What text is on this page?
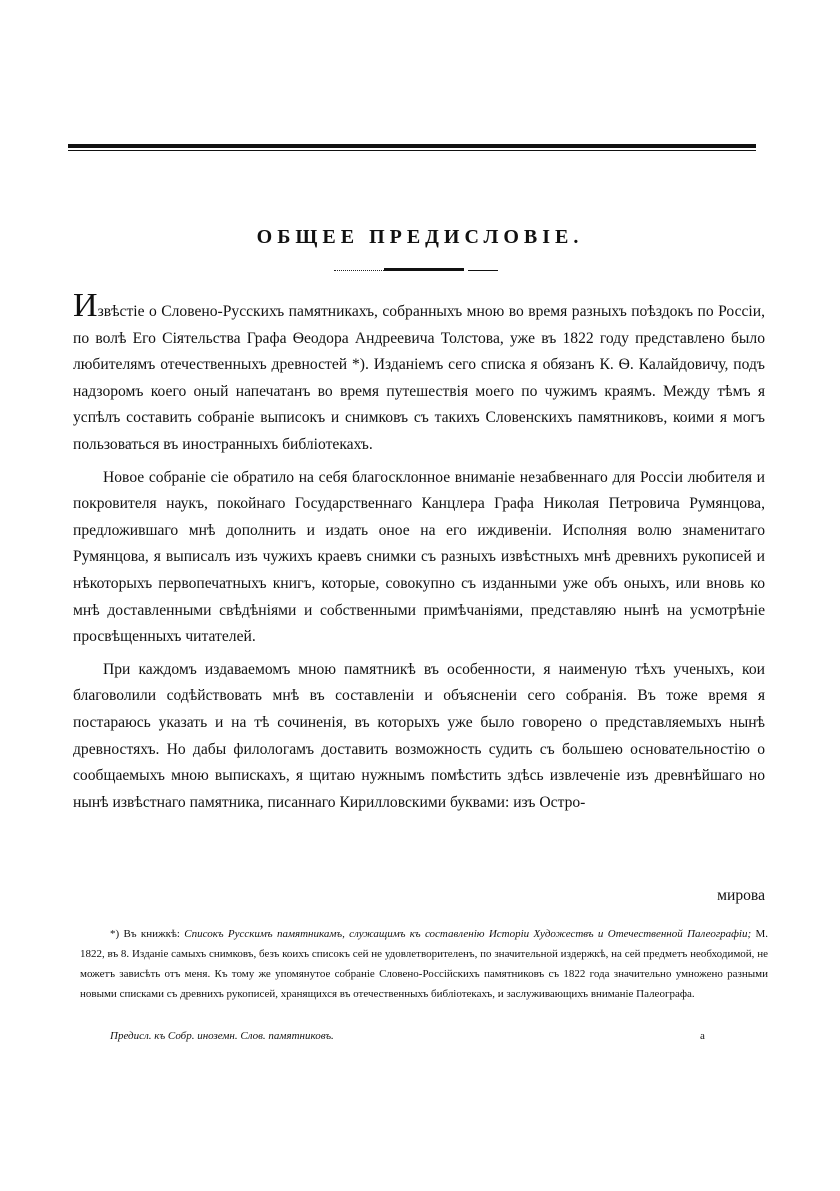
ОБЩЕЕ ПРЕДИСЛОВІЕ.

Извѣстіе о Словено-Русскихъ памятникахъ, собранныхъ мною во время разныхъ поѣздокъ по Россіи, по волѣ Его Сіятельства Графа Ѳеодора Андреевича Толстова, уже въ 1822 году представлено было любителямъ отечественныхъ древностей *). Изданіемъ сего списка я обязанъ К. Ѳ. Калайдовичу, подъ надзоромъ коего оный напечатанъ во время путешествія моего по чужимъ краямъ. Между тѣмъ я успѣлъ составить собраніе выписокъ и снимковъ съ такихъ Словенскихъ памятниковъ, коими я могъ пользоваться въ иностранныхъ библіотекахъ.

Новое собраніе сіе обратило на себя благосклонное вниманіе незабвеннаго для Россіи любителя и покровителя наукъ, покойнаго Государственнаго Канцлера Графа Николая Петровича Румянцова, предложившаго мнѣ дополнить и издать оное на его иждивеніи. Исполняя волю знаменитаго Румянцова, я выписалъ изъ чужихъ краевъ снимки съ разныхъ извѣстныхъ мнѣ древнихъ рукописей и нѣкоторыхъ первопечатныхъ книгъ, которые, совокупно съ изданными уже объ оныхъ, или вновь ко мнѣ доставленными свѣдѣніями и собственными примѣчаніями, представляю нынѣ на усмотрѣніе просвѣщенныхъ читателей.

При каждомъ издаваемомъ мною памятникѣ въ особенности, я наименую тѣхъ ученыхъ, кои благоволили содѣйствовать мнѣ въ составленіи и объясненіи сего собранія. Въ тоже время я постараюсь указать и на тѣ сочиненія, въ которыхъ уже было говорено о представляемыхъ нынѣ древностяхъ. Но дабы филологамъ доставить возможность судить съ большею основательностію о сообщаемыхъ мною выпискахъ, я щитаю нужнымъ помѣстить здѣсь извлеченіе изъ древнѣйшаго но нынѣ извѣстнаго памятника, писаннаго Кирилловскими буквами: изъ Остро-

мирова
*) Въ книжкѣ: Списокъ Русскимъ памятникамъ, служащимъ къ составленію Исторіи Художествъ и Отечественной Палеографіи; М. 1822, въ 8. Изданіе самыхъ снимковъ, безъ коихъ списокъ сей не удовлетворителенъ, по значительной издержкѣ, на сей предметъ необходимой, не можетъ зависѣть отъ меня. Къ тому же упомянутое собраніе Словено-Россійскихъ памятниковъ съ 1822 года значительно умножено разными новыми списками съ древнихъ рукописей, хранящихся въ отечественныхъ библіотекахъ, и заслуживающихъ вниманіе Палеографа.
Предисл. къ Собр. иноземн. Слов. памятниковъ.	а
